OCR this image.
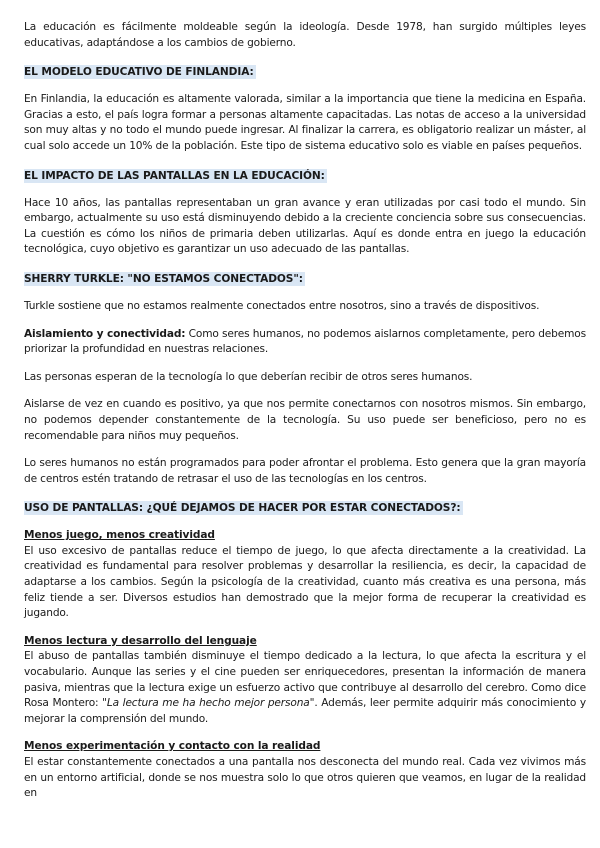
La educación es fácilmente moldeable según la ideología. Desde 1978, han surgido múltiples leyes educativas, adaptándose a los cambios de gobierno.

EL MODELO EDUCATIVO DE FINLANDIA:

En Finlandia, la educación es altamente valorada, similar a la importancia que tiene la medicina en España. Gracias a esto, el país logra formar a personas altamente capacitadas. Las notas de acceso a la universidad son muy altas y no todo el mundo puede ingresar. Al finalizar la carrera, es obligatorio realizar un máster, al cual solo accede un 10% de la población. Este tipo de sistema educativo solo es viable en países pequeños.

EL IMPACTO DE LAS PANTALLAS EN LA EDUCACIÓN:

Hace 10 años, las pantallas representaban un gran avance y eran utilizadas por casi todo el mundo. Sin embargo, actualmente su uso está disminuyendo debido a la creciente conciencia sobre sus consecuencias. La cuestión es cómo los niños de primaria deben utilizarlas. Aquí es donde entra en juego la educación tecnológica, cuyo objetivo es garantizar un uso adecuado de las pantallas.

SHERRY TURKLE: "NO ESTAMOS CONECTADOS":

Turkle sostiene que no estamos realmente conectados entre nosotros, sino a través de dispositivos.

Aislamiento y conectividad: Como seres humanos, no podemos aislarnos completamente, pero debemos priorizar la profundidad en nuestras relaciones.

Las personas esperan de la tecnología lo que deberían recibir de otros seres humanos.

Aislarse de vez en cuando es positivo, ya que nos permite conectarnos con nosotros mismos. Sin embargo, no podemos depender constantemente de la tecnología. Su uso puede ser beneficioso, pero no es recomendable para niños muy pequeños.

Lo seres humanos no están programados para poder afrontar el problema. Esto genera que la gran mayoría de centros estén tratando de retrasar el uso de las tecnologías en los centros.

USO DE PANTALLAS: ¿QUÉ DEJAMOS DE HACER POR ESTAR CONECTADOS?:
Menos juego, menos creatividad

El uso excesivo de pantallas reduce el tiempo de juego, lo que afecta directamente a la creatividad. La creatividad es fundamental para resolver problemas y desarrollar la resiliencia, es decir, la capacidad de adaptarse a los cambios. Según la psicología de la creatividad, cuanto más creativa es una persona, más feliz tiende a ser. Diversos estudios han demostrado que la mejor forma de recuperar la creatividad es jugando.

Menos lectura y desarrollo del lenguaje

El abuso de pantallas también disminuye el tiempo dedicado a la lectura, lo que afecta la escritura y el vocabulario. Aunque las series y el cine pueden ser enriquecedores, presentan la información de manera pasiva, mientras que la lectura exige un esfuerzo activo que contribuye al desarrollo del cerebro. Como dice Rosa Montero: "La lectura me ha hecho mejor persona". Además, leer permite adquirir más conocimiento y mejorar la comprensión del mundo.

Menos experimentación y contacto con la realidad

El estar constantemente conectados a una pantalla nos desconecta del mundo real. Cada vez vivimos más en un entorno artificial, donde se nos muestra solo lo que otros quieren que veamos, en lugar de la realidad en
